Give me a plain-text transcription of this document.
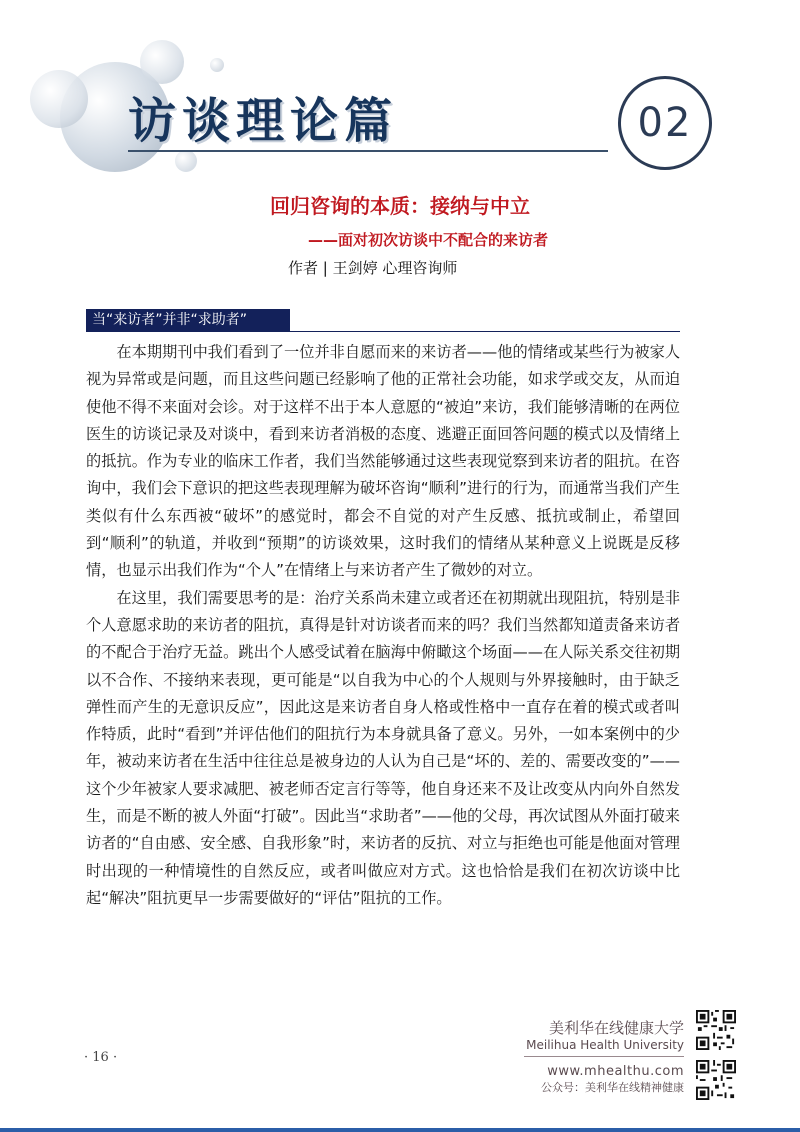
访谈理论篇	02
回归咨询的本质：接纳与中立
——面对初次访谈中不配合的来访者
作者 | 王剑婷 心理咨询师
当“来访者”并非“求助者”

在本期期刊中我们看到了一位并非自愿而来的来访者——他的情绪或某些行为被家人视为异常或是问题，而且这些问题已经影响了他的正常社会功能，如求学或交友，从而迫使他不得不来面对会诊。对于这样不出于本人意愿的“被迫”来访，我们能够清晰的在两位医生的访谈记录及对谈中，看到来访者消极的态度、逃避正面回答问题的模式以及情绪上的抵抗。作为专业的临床工作者，我们当然能够通过这些表现觉察到来访者的阻抗。在咨询中，我们会下意识的把这些表现理解为破坏咨询“顺利”进行的行为，而通常当我们产生类似有什么东西被“破坏”的感觉时，都会不自觉的对产生反感、抵抗或制止，希望回到“顺利”的轨道，并收到“预期”的访谈效果，这时我们的情绪从某种意义上说既是反移情，也显示出我们作为“个人”在情绪上与来访者产生了微妙的对立。

在这里，我们需要思考的是：治疗关系尚未建立或者还在初期就出现阻抗，特别是非个人意愿求助的来访者的阻抗，真得是针对访谈者而来的吗？我们当然都知道责备来访者的不配合于治疗无益。跳出个人感受试着在脑海中俯瞰这个场面——在人际关系交往初期以不合作、不接纳来表现，更可能是“以自我为中心的个人规则与外界接触时，由于缺乏弹性而产生的无意识反应”，因此这是来访者自身人格或性格中一直存在着的模式或者叫作特质，此时“看到”并评估他们的阻抗行为本身就具备了意义。另外，一如本案例中的少年，被动来访者在生活中往往总是被身边的人认为自己是“坏的、差的、需要改变的”——这个少年被家人要求减肥、被老师否定言行等等，他自身还来不及让改变从内向外自然发生，而是不断的被人外面“打破”。因此当“求助者”——他的父母，再次试图从外面打破来访者的“自由感、安全感、自我形象”时，来访者的反抗、对立与拒绝也可能是他面对管理时出现的一种情境性的自然反应，或者叫做应对方式。这也恰恰是我们在初次访谈中比起“解决”阻抗更早一步需要做好的“评估”阻抗的工作。

· 16 ·
美利华在线健康大学
Meilihua Health University
www.mhealthu.com
公众号：美利华在线精神健康
